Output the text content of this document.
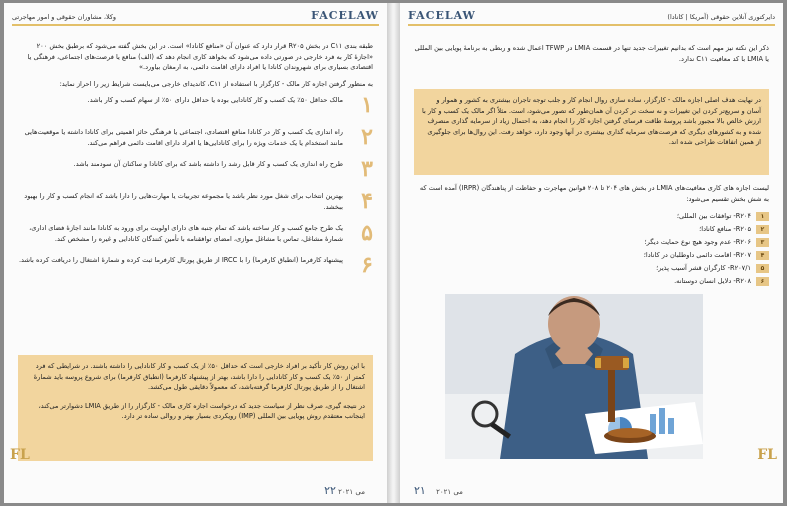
FACELAW
وکلا، مشاوران حقوقی و امور مهاجرتی

طبقه بندی C۱۱ در بخش R۲۰۵ قرار دارد که عنوان آن «منافع کانادا» است. در این بخش گفته می‌شود که برطبق بخش ۲۰۰ «اجازهٔ کار به فرد خارجی در صورتی داده می‌شود که بخواهد کاری انجام دهد که (الف) منافع یا فرصت‌های اجتماعی، فرهنگی یا اقتصادی بسیاری برای شهروندان کانادا یا افراد دارای اقامت دائمی، به ارمغان بیاورد.»

به منظور گرفتن اجازه کار مالک - کارگزار با استفاده از C۱۱، کاندیدای خارجی می‌بایست شرایط زیر را احراز نماید:

۱
مالک حداقل ۵۰٪ یک کسب و کار کانادایی بوده یا حداقل دارای ۵۰٪ از سهام کسب و کار باشد.
۲
راه اندازی یک کسب و کار در کانادا منافع اقتصادی، اجتماعی یا فرهنگی حائز اهمیتی برای کانادا داشته یا موقعیت‌هایی مانند استخدام یا یک خدمات ویژه را برای کانادایی‌ها یا افراد دارای اقامت دائمی فراهم می‌کند.
۳
طرح راه اندازی یک کسب و کار قابل رشد را داشته باشد که برای کانادا و ساکنان آن سودمند باشد.
۴
بهترین انتخاب برای شغل مورد نظر باشد یا مجموعه تجربیات یا مهارت‌هایی را دارا باشد که انجام کسب و کار را بهبود ببخشد.
۵
یک طرح جامع کسب و کار ساخته باشد که تمام جنبه های دارای اولویت برای ورود به کانادا مانند اجازهٔ فضای اداری، شمارهٔ مشاغل، تماس با مشاغل موازی، امضای توافقنامه با تأمین کنندگان کانادایی و غیره را مشخص کند.
۶
پیشنهاد کارفرما (انطباق کارفرما) را با IRCC از طریق پورتال کارفرما ثبت کرده و شمارهٔ اشتغال را دریافت کرده باشد.

با این روش کار تأکید بر افراد خارجی است که حداقل ۵۰٪ از یک کسب و کار کانادایی را داشته باشند. در شرایطی که فرد کمتر از ۵۰٪ یک کسب و کار کانادایی را دارا باشد، بهتر از پیشنهاد کارفرما (انطباق کارفرما) برای شروع پروسه باید شمارهٔ اشتغال را از طریق پورتال کارفرما گرفته‌باشد، که معمولاً دقایقی طول می‌کشد.

در نتیجه گیری، صرف نظر از سیاست جدید که درخواست اجازه کاری مالک - کارگزار را از طریق LMIA دشوارتر می‌کند، اینجانب معتقدم روش پویایی بین المللی (IMP) رویکردی بسیار بهتر و روالی ساده تر دارد.

FL
۲۲ می ۲۰۲۱
FACELAW	دایرکتوری آنلاین حقوقی (آمریکا | کانادا)

ذکر این نکته نیز مهم است که بدانیم تغییرات جدید تنها در قسمت LMIA در TFWP اعمال شده و ربطی به برنامهٔ پویایی بین المللی یا LMIA با کد معافیت C۱۱ ندارد.

در نهایت هدف اصلی اجازه مالک - کارگزار، ساده سازی روال انجام کار و جلب توجه تاجران بیشتری به کشور و هموار و آسان و سریع‌تر کردن این تغییرات و نه سخت تر کردن آن همان‌طور که تصور می‌شود، است. مثلاً اگر مالک یک کسب و کار با ارزش خالص بالا مجبور باشد پروسهٔ طاقت فرسای گرفتن اجازه کار را انجام دهد، به احتمال زیاد از سرمایه گذاری منصرف شده و به کشورهای دیگری که فرصت‌های سرمایه گذاری بیشتری در آنها وجود دارد، خواهد رفت. این روال‌ها برای جلوگیری از همین اتفاقات طراحی شده اند.

لیست اجازه های کاری معافیت‌های LMIA در بخش های ۲۰۴ تا ۲۰۸ قوانین مهاجرت و حفاظت از پناهندگان (IRPR) آمده است که به شش بخش تقسیم می‌شود:

۱
R۲۰۴- توافقات بین المللی؛
۲
R۲۰۵- منافع کانادا؛
۳
R۲۰۶- عدم وجود هیچ نوع حمایت دیگر؛
۴
R۲۰۷- اقامت دائمی داوطلبان در کانادا؛
۵
R۲۰۷/۱- کارگران قشر آسیب پذیر؛
۶
R۲۰۸- دلایل انسان دوستانه.
FL
۲۱ می ۲۰۲۱
